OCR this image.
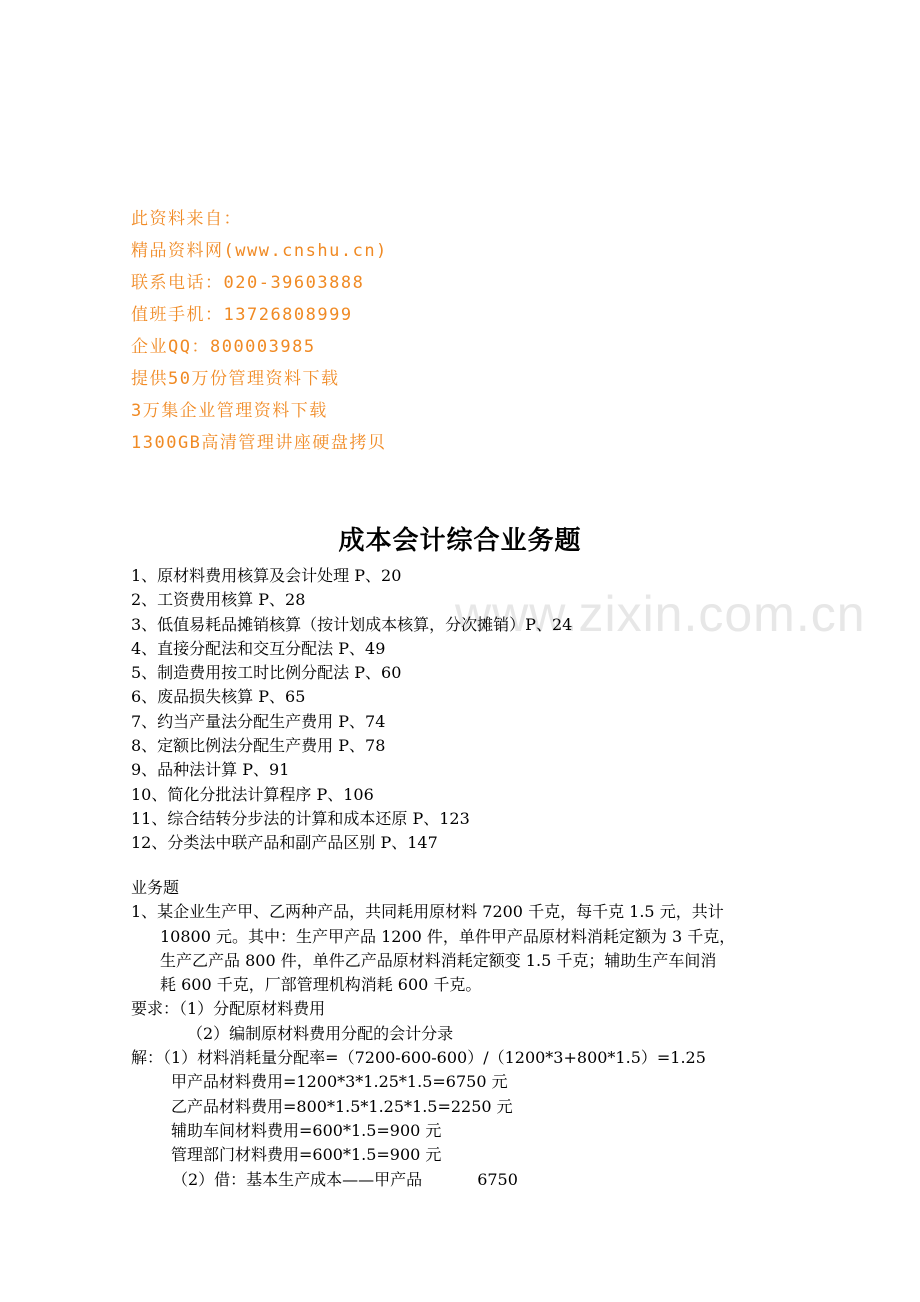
www.zixin.com.cn
此资料来自：
精品资料网(www.cnshu.cn)
联系电话：020-39603888
值班手机：13726808999
企业QQ：800003985
提供50万份管理资料下载
3万集企业管理资料下载
1300GB高清管理讲座硬盘拷贝
成本会计综合业务题
1、原材料费用核算及会计处理 P、20
2、工资费用核算 P、28
3、低值易耗品摊销核算（按计划成本核算，分次摊销）P、24
4、直接分配法和交互分配法 P、49
5、制造费用按工时比例分配法 P、60
6、废品损失核算 P、65
7、约当产量法分配生产费用 P、74
8、定额比例法分配生产费用 P、78
9、品种法计算 P、91
10、简化分批法计算程序 P、106
11、综合结转分步法的计算和成本还原 P、123
12、分类法中联产品和副产品区别 P、147
业务题
1、某企业生产甲、乙两种产品，共同耗用原材料 7200 千克，每千克 1.5 元，共计
10800 元。其中：生产甲产品 1200 件，单件甲产品原材料消耗定额为 3 千克，
生产乙产品 800 件，单件乙产品原材料消耗定额变 1.5 千克；辅助生产车间消
耗 600 千克，厂部管理机构消耗 600 千克。
要求：（1）分配原材料费用
（2）编制原材料费用分配的会计分录
解：（1）材料消耗量分配率=（7200-600-600）/（1200*3+800*1.5）=1.25
甲产品材料费用=1200*3*1.25*1.5=6750 元
乙产品材料费用=800*1.5*1.25*1.5=2250 元
辅助车间材料费用=600*1.5=900 元
管理部门材料费用=600*1.5=900 元
（2）借：基本生产成本——甲产品	6750
